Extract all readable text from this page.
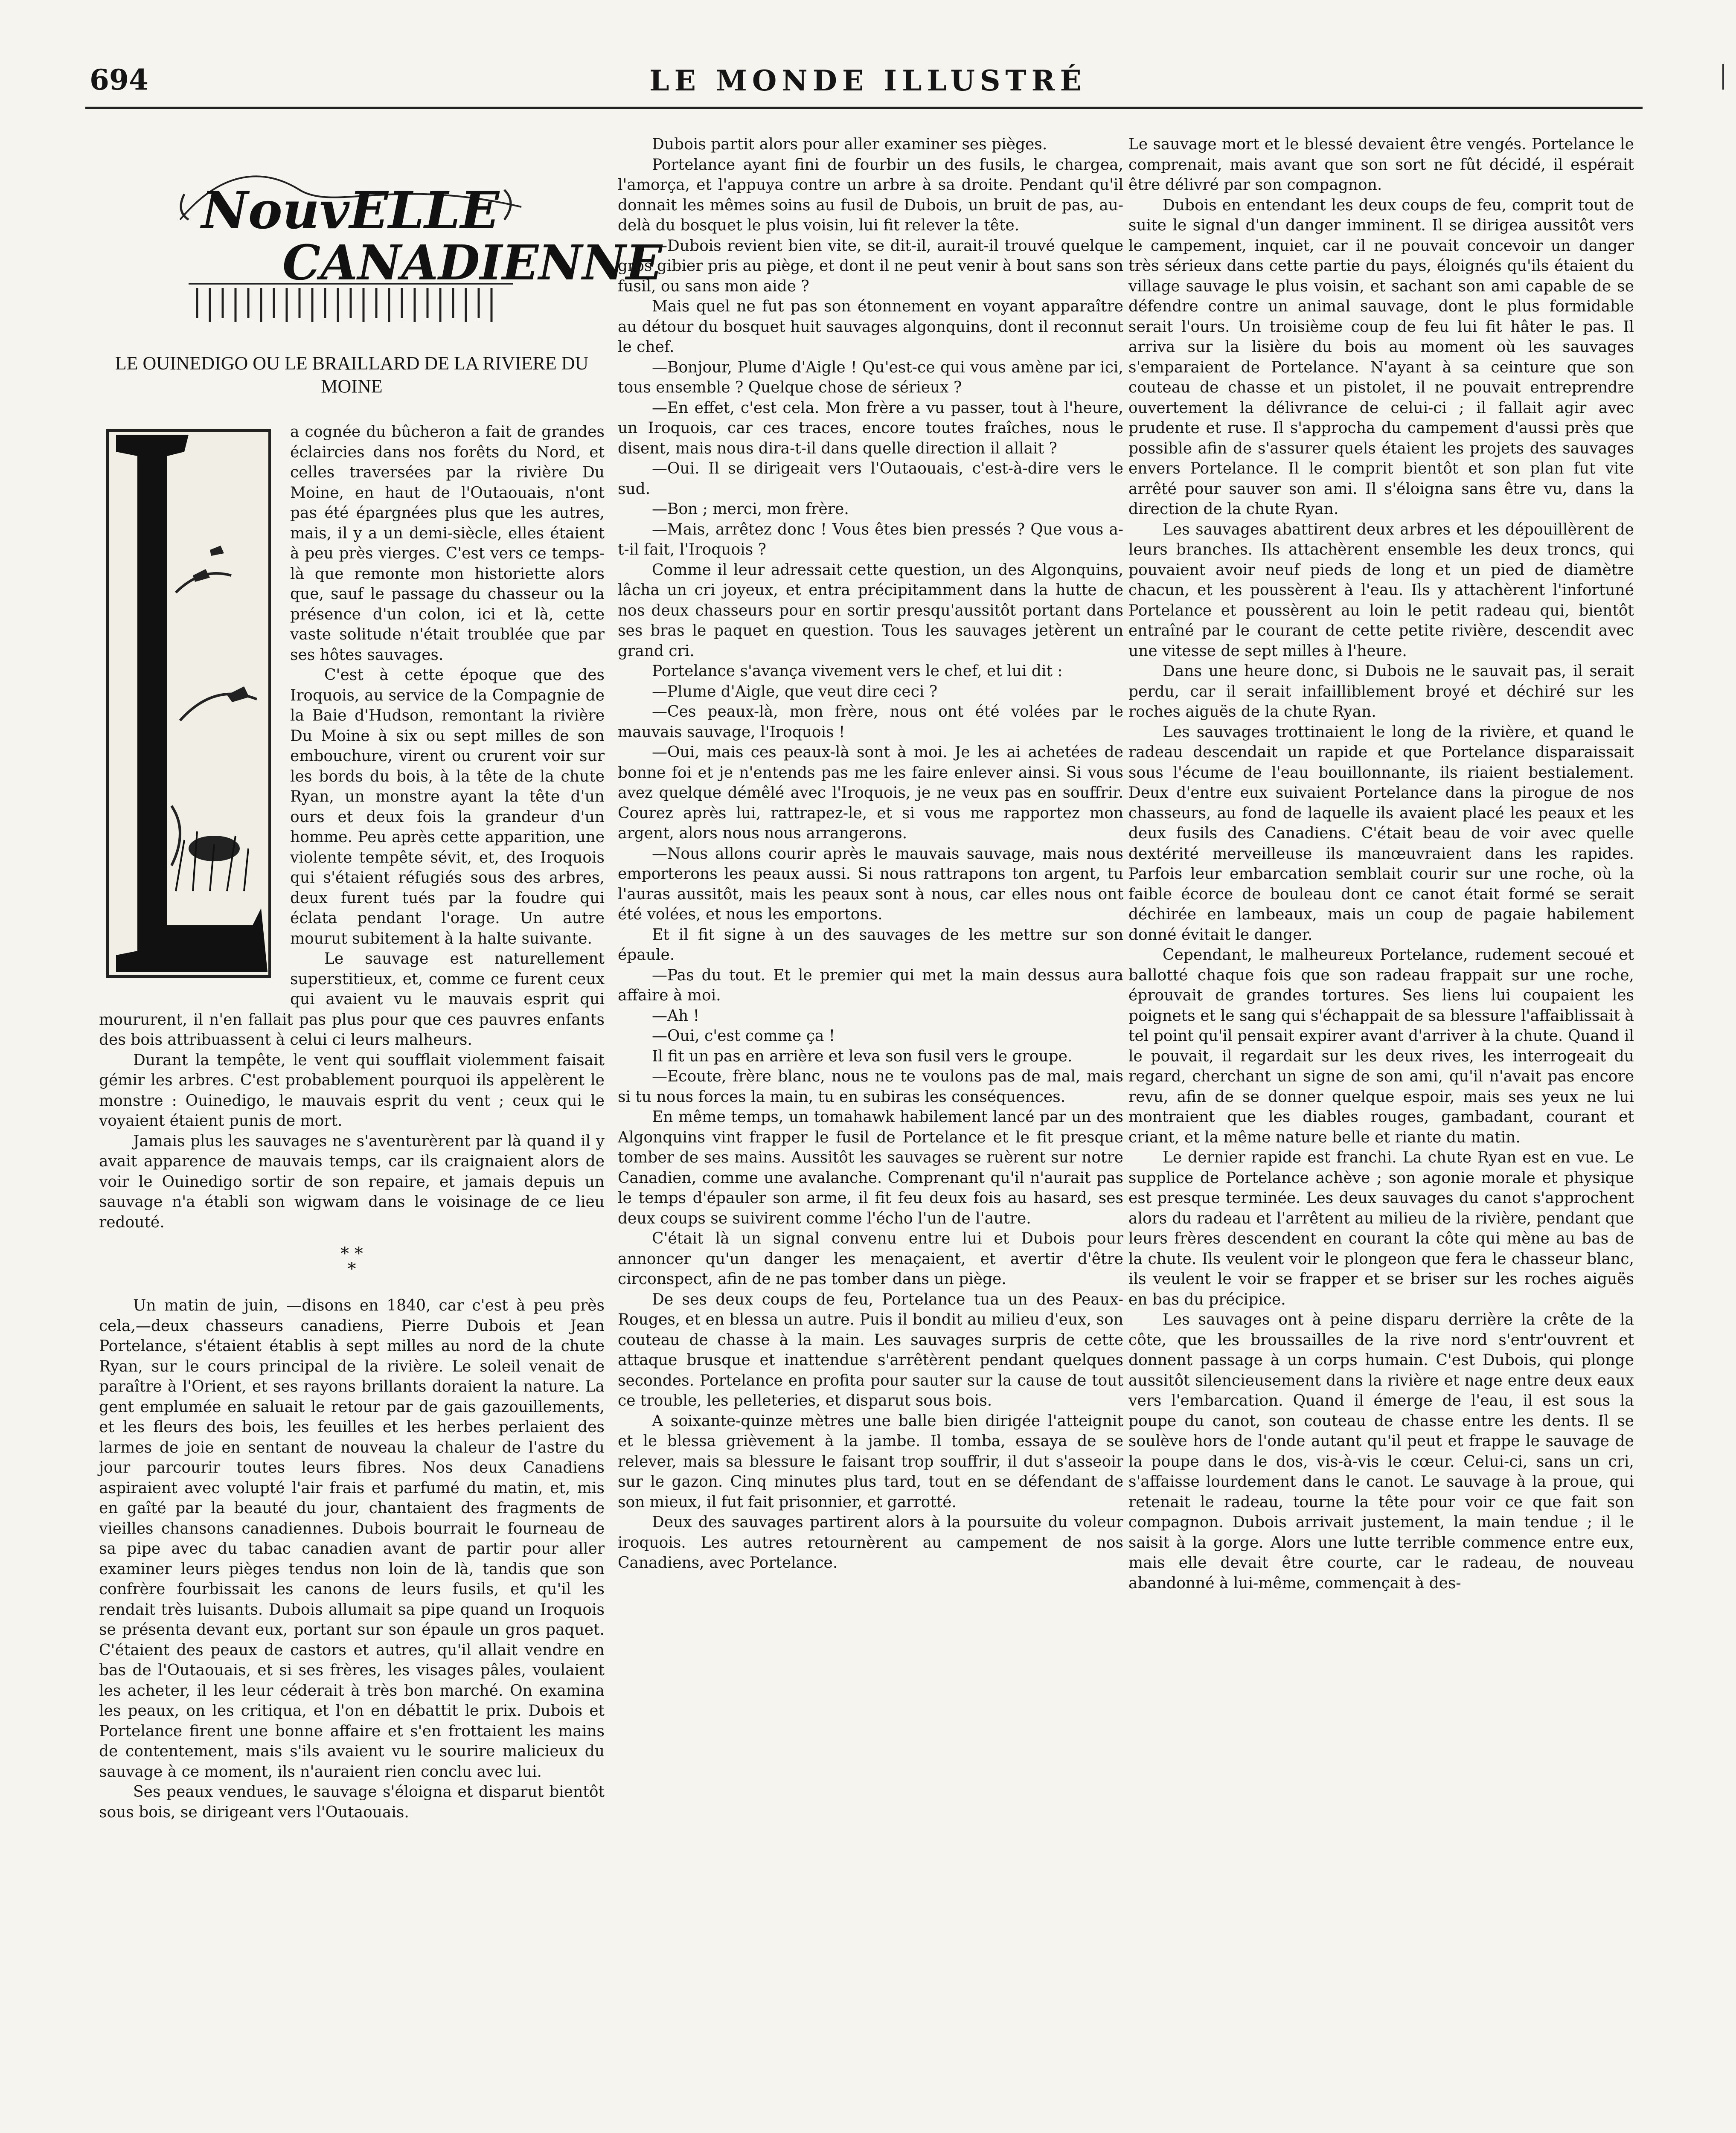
694	LE MONDE ILLUSTRÉ
NouvELLE
CANADIENNE
LE OUINEDIGO OU LE BRAILLARD DE LA RIVIERE DU MOINE

a cognée du bûcheron a fait de grandes éclaircies dans nos forêts du Nord, et celles traversées par la rivière Du Moine, en haut de l'Outaouais, n'ont pas été épargnées plus que les autres, mais, il y a un demi-siècle, elles étaient à peu près vierges. C'est vers ce temps-là que remonte mon historiette alors que, sauf le passage du chasseur ou la présence d'un colon, ici et là, cette vaste solitude n'était troublée que par ses hôtes sauvages.

C'est à cette époque que des Iroquois, au service de la Compagnie de la Baie d'Hudson, remontant la rivière Du Moine à six ou sept milles de son embouchure, virent ou crurent voir sur les bords du bois, à la tête de la chute Ryan, un monstre ayant la tête d'un ours et deux fois la grandeur d'un homme. Peu après cette apparition, une violente tempête sévit, et, des Iroquois qui s'étaient réfugiés sous des arbres, deux furent tués par la foudre qui éclata pendant l'orage. Un autre mourut subitement à la halte suivante.

Le sauvage est naturellement superstitieux, et, comme ce furent ceux qui avaient vu le mauvais esprit qui moururent, il n'en fallait pas plus pour que ces pauvres enfants des bois attribuassent à celui ci leurs malheurs.

Durant la tempête, le vent qui soufflait violemment faisait gémir les arbres. C'est probablement pourquoi ils appelèrent le monstre : Ouinedigo, le mauvais esprit du vent ; ceux qui le voyaient étaient punis de mort.

Jamais plus les sauvages ne s'aventurèrent par là quand il y avait apparence de mauvais temps, car ils craignaient alors de voir le Ouinedigo sortir de son repaire, et jamais depuis un sauvage n'a établi son wigwam dans le voisinage de ce lieu redouté.

* *
*

Un matin de juin, —disons en 1840, car c'est à peu près cela,—deux chasseurs canadiens, Pierre Dubois et Jean Portelance, s'étaient établis à sept milles au nord de la chute Ryan, sur le cours principal de la rivière. Le soleil venait de paraître à l'Orient, et ses rayons brillants doraient la nature. La gent emplumée en saluait le retour par de gais gazouillements, et les fleurs des bois, les feuilles et les herbes perlaient des larmes de joie en sentant de nouveau la chaleur de l'astre du jour parcourir toutes leurs fibres. Nos deux Canadiens aspiraient avec volupté l'air frais et parfumé du matin, et, mis en gaîté par la beauté du jour, chantaient des fragments de vieilles chansons canadiennes. Dubois bourrait le fourneau de sa pipe avec du tabac canadien avant de partir pour aller examiner leurs pièges tendus non loin de là, tandis que son confrère fourbissait les canons de leurs fusils, et qu'il les rendait très luisants. Dubois allumait sa pipe quand un Iroquois se présenta devant eux, portant sur son épaule un gros paquet. C'étaient des peaux de castors et autres, qu'il allait vendre en bas de l'Outaouais, et si ses frères, les visages pâles, voulaient les acheter, il les leur céderait à très bon marché. On examina les peaux, on les critiqua, et l'on en débattit le prix. Dubois et Portelance firent une bonne affaire et s'en frottaient les mains de contentement, mais s'ils avaient vu le sourire malicieux du sauvage à ce moment, ils n'auraient rien conclu avec lui.

Ses peaux vendues, le sauvage s'éloigna et disparut bientôt sous bois, se dirigeant vers l'Outaouais.

Dubois partit alors pour aller examiner ses pièges.

Portelance ayant fini de fourbir un des fusils, le chargea, l'amorça, et l'appuya contre un arbre à sa droite. Pendant qu'il donnait les mêmes soins au fusil de Dubois, un bruit de pas, au-delà du bosquet le plus voisin, lui fit relever la tête.

—Dubois revient bien vite, se dit-il, aurait-il trouvé quelque gros gibier pris au piège, et dont il ne peut venir à bout sans son fusil, ou sans mon aide ?

Mais quel ne fut pas son étonnement en voyant apparaître au détour du bosquet huit sauvages algonquins, dont il reconnut le chef.

—Bonjour, Plume d'Aigle ! Qu'est-ce qui vous amène par ici, tous ensemble ? Quelque chose de sérieux ?

—En effet, c'est cela. Mon frère a vu passer, tout à l'heure, un Iroquois, car ces traces, encore toutes fraîches, nous le disent, mais nous dira-t-il dans quelle direction il allait ?

—Oui. Il se dirigeait vers l'Outaouais, c'est-à-dire vers le sud.

—Bon ; merci, mon frère.

—Mais, arrêtez donc ! Vous êtes bien pressés ? Que vous a-t-il fait, l'Iroquois ?

Comme il leur adressait cette question, un des Algonquins, lâcha un cri joyeux, et entra précipitamment dans la hutte de nos deux chasseurs pour en sortir presqu'aussitôt portant dans ses bras le paquet en question. Tous les sauvages jetèrent un grand cri.

Portelance s'avança vivement vers le chef, et lui dit :

—Plume d'Aigle, que veut dire ceci ?

—Ces peaux-là, mon frère, nous ont été volées par le mauvais sauvage, l'Iroquois !

—Oui, mais ces peaux-là sont à moi. Je les ai achetées de bonne foi et je n'entends pas me les faire enlever ainsi. Si vous avez quelque démêlé avec l'Iroquois, je ne veux pas en souffrir. Courez après lui, rattrapez-le, et si vous me rapportez mon argent, alors nous nous arrangerons.

—Nous allons courir après le mauvais sauvage, mais nous emporterons les peaux aussi. Si nous rattrapons ton argent, tu l'auras aussitôt, mais les peaux sont à nous, car elles nous ont été volées, et nous les emportons.

Et il fit signe à un des sauvages de les mettre sur son épaule.

—Pas du tout. Et le premier qui met la main dessus aura affaire à moi.

—Ah !

—Oui, c'est comme ça !

Il fit un pas en arrière et leva son fusil vers le groupe.

—Ecoute, frère blanc, nous ne te voulons pas de mal, mais si tu nous forces la main, tu en subiras les conséquences.

En même temps, un tomahawk habilement lancé par un des Algonquins vint frapper le fusil de Portelance et le fit presque tomber de ses mains. Aussitôt les sauvages se ruèrent sur notre Canadien, comme une avalanche. Comprenant qu'il n'aurait pas le temps d'épauler son arme, il fit feu deux fois au hasard, ses deux coups se suivirent comme l'écho l'un de l'autre.

C'était là un signal convenu entre lui et Dubois pour annoncer qu'un danger les menaçaient, et avertir d'être circonspect, afin de ne pas tomber dans un piège.

De ses deux coups de feu, Portelance tua un des Peaux-Rouges, et en blessa un autre. Puis il bondit au milieu d'eux, son couteau de chasse à la main. Les sauvages surpris de cette attaque brusque et inattendue s'arrêtèrent pendant quelques secondes. Portelance en profita pour sauter sur la cause de tout ce trouble, les pelleteries, et disparut sous bois.

A soixante-quinze mètres une balle bien dirigée l'atteignit et le blessa grièvement à la jambe. Il tomba, essaya de se relever, mais sa blessure le faisant trop souffrir, il dut s'asseoir sur le gazon. Cinq minutes plus tard, tout en se défendant de son mieux, il fut fait prisonnier, et garrotté.

Deux des sauvages partirent alors à la poursuite du voleur iroquois. Les autres retournèrent au campement de nos Canadiens, avec Portelance.

Le sauvage mort et le blessé devaient être vengés. Portelance le comprenait, mais avant que son sort ne fût décidé, il espérait être délivré par son compagnon.

Dubois en entendant les deux coups de feu, comprit tout de suite le signal d'un danger imminent. Il se dirigea aussitôt vers le campement, inquiet, car il ne pouvait concevoir un danger très sérieux dans cette partie du pays, éloignés qu'ils étaient du village sauvage le plus voisin, et sachant son ami capable de se défendre contre un animal sauvage, dont le plus formidable serait l'ours. Un troisième coup de feu lui fit hâter le pas. Il arriva sur la lisière du bois au moment où les sauvages s'emparaient de Portelance. N'ayant à sa ceinture que son couteau de chasse et un pistolet, il ne pouvait entreprendre ouvertement la délivrance de celui-ci ; il fallait agir avec prudente et ruse. Il s'approcha du campement d'aussi près que possible afin de s'assurer quels étaient les projets des sauvages envers Portelance. Il le comprit bientôt et son plan fut vite arrêté pour sauver son ami. Il s'éloigna sans être vu, dans la direction de la chute Ryan.

Les sauvages abattirent deux arbres et les dépouillèrent de leurs branches. Ils attachèrent ensemble les deux troncs, qui pouvaient avoir neuf pieds de long et un pied de diamètre chacun, et les poussèrent à l'eau. Ils y attachèrent l'infortuné Portelance et poussèrent au loin le petit radeau qui, bientôt entraîné par le courant de cette petite rivière, descendit avec une vitesse de sept milles à l'heure.

Dans une heure donc, si Dubois ne le sauvait pas, il serait perdu, car il serait infailliblement broyé et déchiré sur les roches aiguës de la chute Ryan.

Les sauvages trottinaient le long de la rivière, et quand le radeau descendait un rapide et que Portelance disparaissait sous l'écume de l'eau bouillonnante, ils riaient bestialement. Deux d'entre eux suivaient Portelance dans la pirogue de nos chasseurs, au fond de laquelle ils avaient placé les peaux et les deux fusils des Canadiens. C'était beau de voir avec quelle dextérité merveilleuse ils manœuvraient dans les rapides. Parfois leur embarcation semblait courir sur une roche, où la faible écorce de bouleau dont ce canot était formé se serait déchirée en lambeaux, mais un coup de pagaie habilement donné évitait le danger.

Cependant, le malheureux Portelance, rudement secoué et ballotté chaque fois que son radeau frappait sur une roche, éprouvait de grandes tortures. Ses liens lui coupaient les poignets et le sang qui s'échappait de sa blessure l'affaiblissait à tel point qu'il pensait expirer avant d'arriver à la chute. Quand il le pouvait, il regardait sur les deux rives, les interrogeait du regard, cherchant un signe de son ami, qu'il n'avait pas encore revu, afin de se donner quelque espoir, mais ses yeux ne lui montraient que les diables rouges, gambadant, courant et criant, et la même nature belle et riante du matin.

Le dernier rapide est franchi. La chute Ryan est en vue. Le supplice de Portelance achève ; son agonie morale et physique est presque terminée. Les deux sauvages du canot s'approchent alors du radeau et l'arrêtent au milieu de la rivière, pendant que leurs frères descendent en courant la côte qui mène au bas de la chute. Ils veulent voir le plongeon que fera le chasseur blanc, ils veulent le voir se frapper et se briser sur les roches aiguës en bas du précipice.

Les sauvages ont à peine disparu derrière la crête de la côte, que les broussailles de la rive nord s'entr'ouvrent et donnent passage à un corps humain. C'est Dubois, qui plonge aussitôt silencieusement dans la rivière et nage entre deux eaux vers l'embarcation. Quand il émerge de l'eau, il est sous la poupe du canot, son couteau de chasse entre les dents. Il se soulève hors de l'onde autant qu'il peut et frappe le sauvage de la poupe dans le dos, vis-à-vis le cœur. Celui-ci, sans un cri, s'affaisse lourdement dans le canot. Le sauvage à la proue, qui retenait le radeau, tourne la tête pour voir ce que fait son compagnon. Dubois arrivait justement, la main tendue ; il le saisit à la gorge. Alors une lutte terrible commence entre eux, mais elle devait être courte, car le radeau, de nouveau abandonné à lui-même, commençait à des-
